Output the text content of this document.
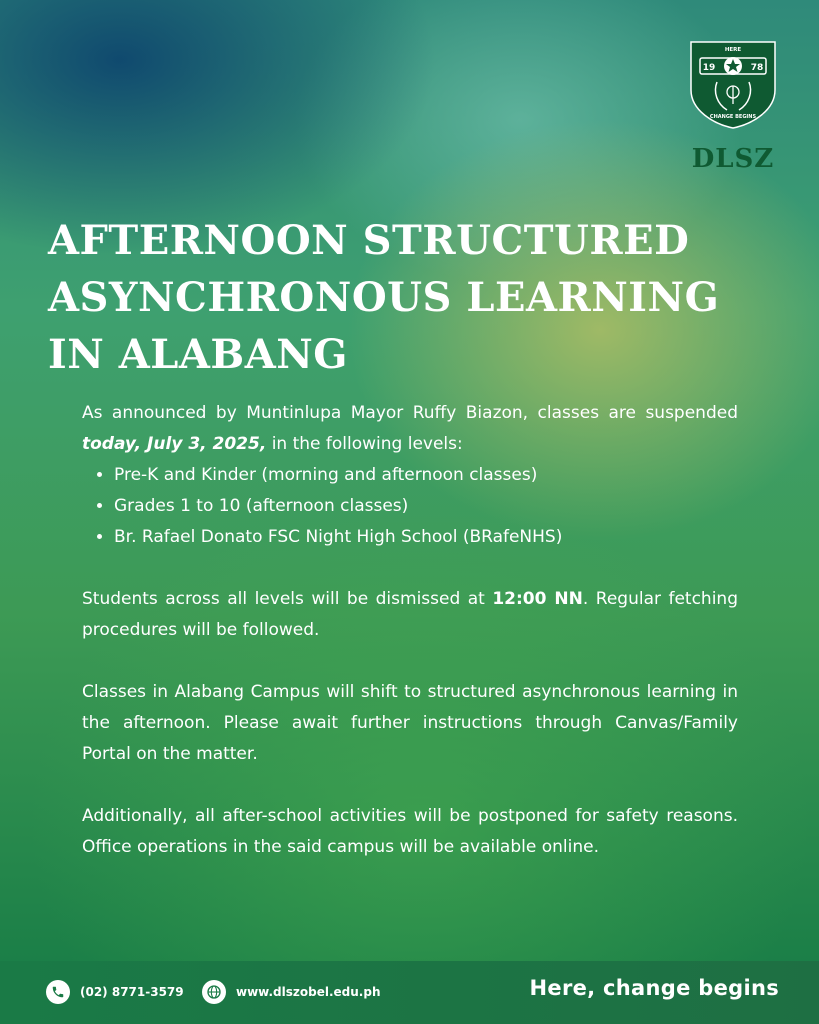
HERE
19	78
CHANGE BEGINS
DLSZ
AFTERNOON STRUCTURED ASYNCHRONOUS LEARNING IN ALABANG

As announced by Muntinlupa Mayor Ruffy Biazon, classes are suspended today, July 3, 2025, in the following levels:

• Pre-K and Kinder (morning and afternoon classes)
• Grades 1 to 10 (afternoon classes)
• Br. Rafael Donato FSC Night High School (BRafeNHS)

Students across all levels will be dismissed at 12:00 NN. Regular fetching procedures will be followed.

Classes in Alabang Campus will shift to structured asynchronous learning in the afternoon. Please await further instructions through Canvas/Family Portal on the matter.

Additionally, all after-school activities will be postponed for safety reasons. Office operations in the said campus will be available online.

(02) 8771-3579	www.dlszobel.edu.ph	Here, change begins
